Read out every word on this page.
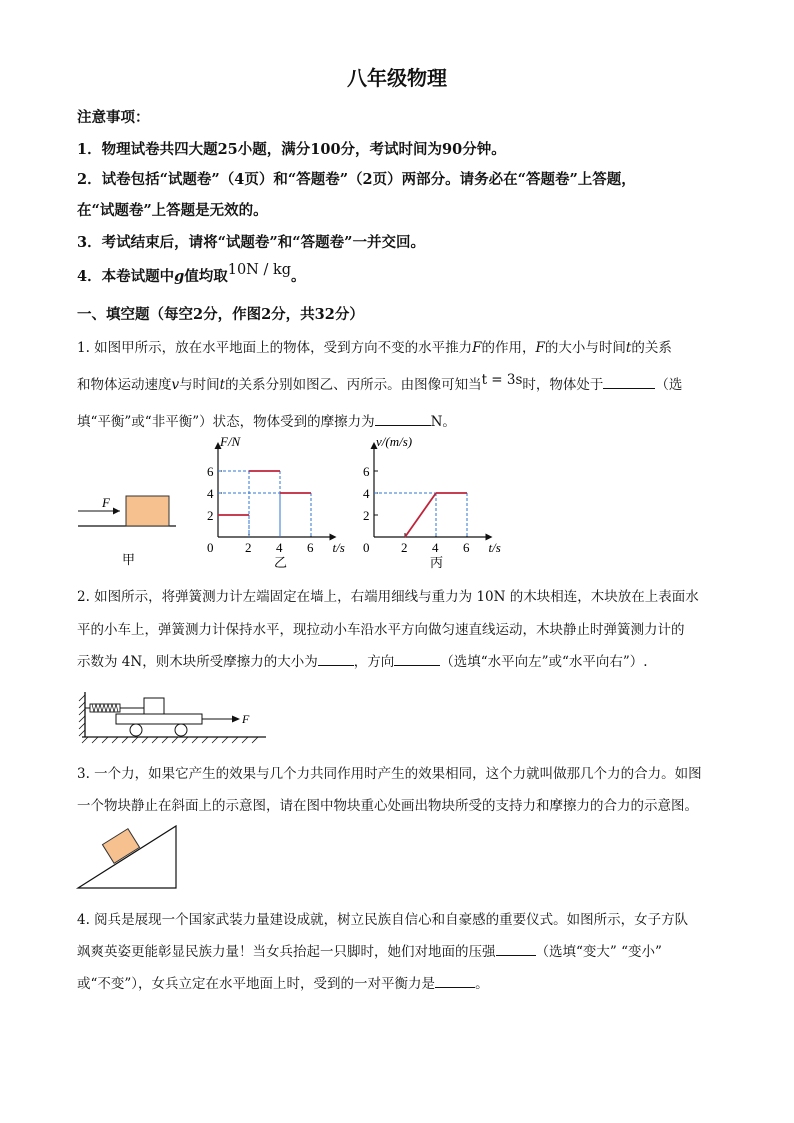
八年级物理
注意事项：
1．物理试卷共四大题25小题，满分100分，考试时间为90分钟。
2．试卷包括“试题卷”（4页）和“答题卷”（2页）两部分。请务必在“答题卷”上答题，
在“试题卷”上答题是无效的。
3．考试结束后，请将“试题卷”和“答题卷”一并交回。
4．本卷试题中g值均取10N / kg。
一、填空题（每空2分，作图2分，共32分）
1. 如图甲所示，放在水平地面上的物体，受到方向不变的水平推力F的作用，F的大小与时间t的关系
和物体运动速度v与时间t的关系分别如图乙、丙所示。由图像可知当t = 3s时，物体处于	（选
填“平衡”或“非平衡”）状态，物体受到的摩擦力为	N。
F
甲
2
4
6
2 4 6
0
F/N
t/s
乙
2
4
6
2 4 6
0
v/(m/s)
t/s
丙
2. 如图所示，将弹簧测力计左端固定在墙上，右端用细线与重力为 10N 的木块相连，木块放在上表面水
平的小车上，弹簧测力计保持水平，现拉动小车沿水平方向做匀速直线运动，木块静止时弹簧测力计的
示数为 4N，则木块所受摩擦力的大小为	，方向	（选填“水平向左”或“水平向右”）.
F
3. 一个力，如果它产生的效果与几个力共同作用时产生的效果相同，这个力就叫做那几个力的合力。如图
一个物块静止在斜面上的示意图，请在图中物块重心处画出物块所受的支持力和摩擦力的合力的示意图。
4. 阅兵是展现一个国家武装力量建设成就，树立民族自信心和自豪感的重要仪式。如图所示，女子方队
飒爽英姿更能彰显民族力量！当女兵抬起一只脚时，她们对地面的压强	（选填“变大” “变小”
或“不变”），女兵立定在水平地面上时，受到的一对平衡力是	。
